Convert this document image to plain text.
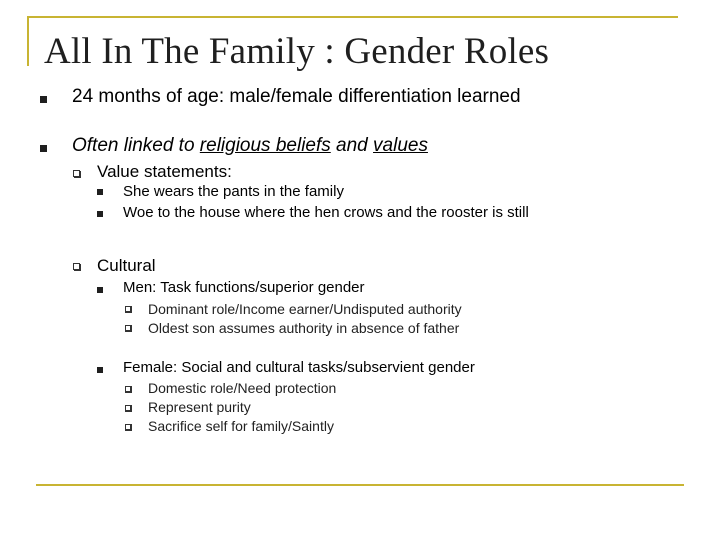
All In The Family : Gender Roles
24 months of age: male/female differentiation learned
Often linked to religious beliefs and values
Value statements:
She wears the pants in the family
Woe to the house where the hen crows and the rooster is still
Cultural
Men: Task functions/superior gender
Dominant role/Income earner/Undisputed authority
Oldest son assumes authority in absence of father
Female: Social and cultural tasks/subservient gender
Domestic role/Need protection
Represent purity
Sacrifice self for family/Saintly
